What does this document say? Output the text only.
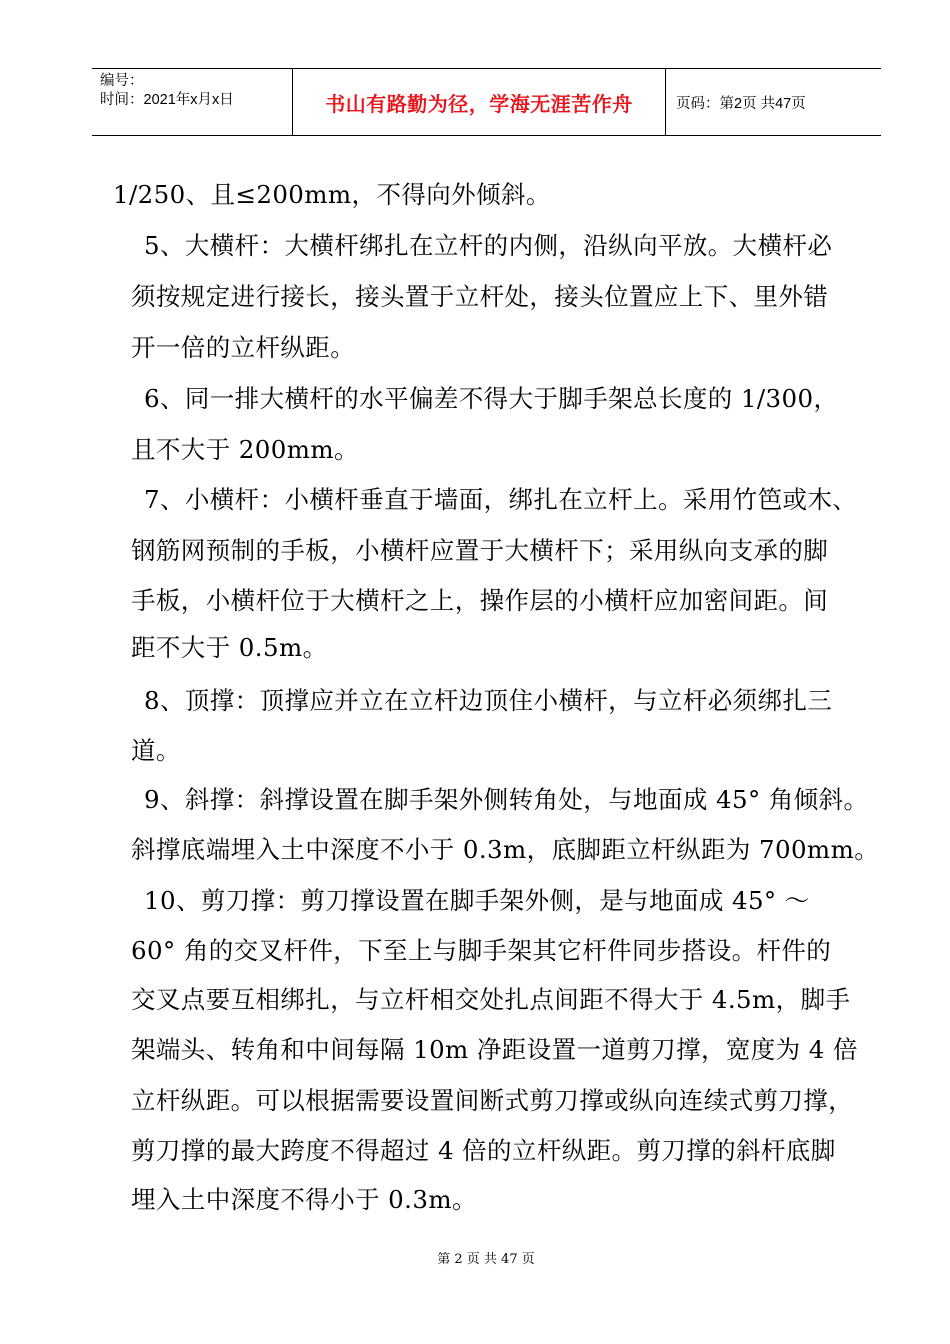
编号：
时间：2021年x月x日	书山有路勤为径，学海无涯苦作舟	页码：第2页 共47页
1/250、且≤200mm，不得向外倾斜。
5、大横杆：大横杆绑扎在立杆的内侧，沿纵向平放。大横杆必
须按规定进行接长，接头置于立杆处，接头位置应上下、里外错
开一倍的立杆纵距。
6、同一排大横杆的水平偏差不得大于脚手架总长度的 1/300，
且不大于 200mm。
7、小横杆：小横杆垂直于墙面，绑扎在立杆上。采用竹笆或木、
钢筋网预制的手板，小横杆应置于大横杆下；采用纵向支承的脚
手板，小横杆位于大横杆之上，操作层的小横杆应加密间距。间
距不大于 0.5m。
8、顶撑：顶撑应并立在立杆边顶住小横杆，与立杆必须绑扎三
道。
9、斜撑：斜撑设置在脚手架外侧转角处，与地面成 45° 角倾斜。
斜撑底端埋入土中深度不小于 0.3m，底脚距立杆纵距为 700mm。
10、剪刀撑：剪刀撑设置在脚手架外侧，是与地面成 45° ～
60° 角的交叉杆件，下至上与脚手架其它杆件同步搭设。杆件的
交叉点要互相绑扎，与立杆相交处扎点间距不得大于 4.5m，脚手
架端头、转角和中间每隔 10m 净距设置一道剪刀撑，宽度为 4 倍
立杆纵距。可以根据需要设置间断式剪刀撑或纵向连续式剪刀撑，
剪刀撑的最大跨度不得超过 4 倍的立杆纵距。剪刀撑的斜杆底脚
埋入土中深度不得小于 0.3m。
第 2 页 共 47 页
